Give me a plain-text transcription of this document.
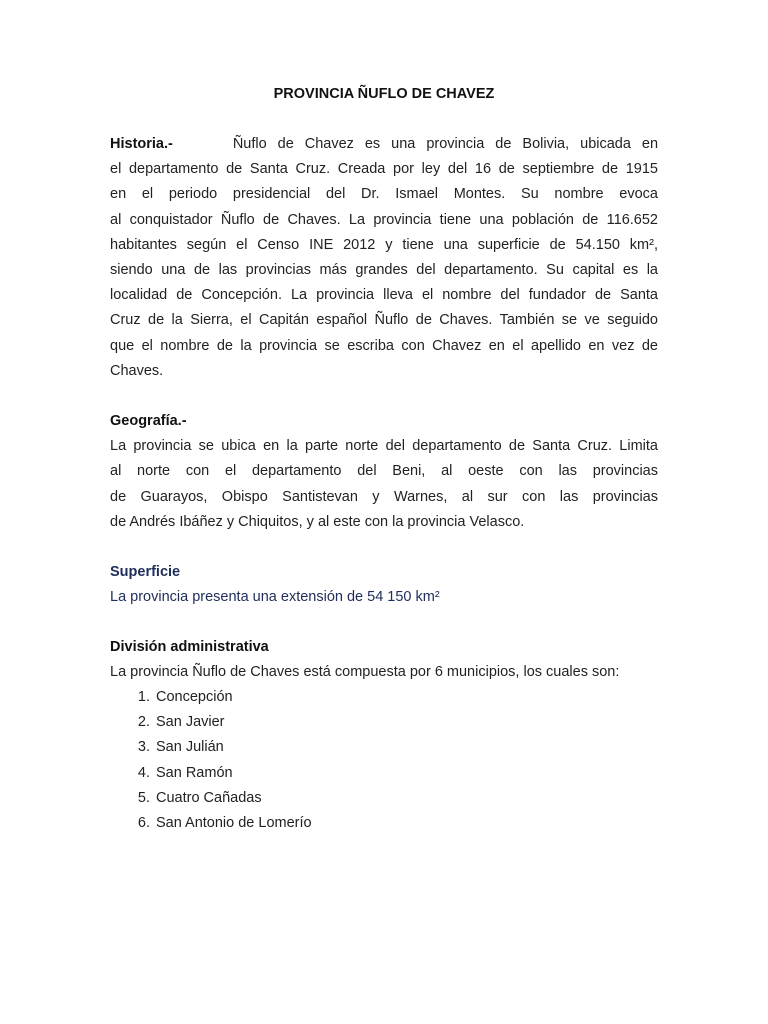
PROVINCIA ÑUFLO DE CHAVEZ
Historia.-	Ñuflo de Chavez es una provincia de Bolivia, ubicada en
el departamento de Santa Cruz. Creada por ley del 16 de septiembre de 1915
en el periodo presidencial del Dr. Ismael Montes. Su nombre evoca
al conquistador Ñuflo de Chaves. La provincia tiene una población de 116.652
habitantes según el Censo INE 2012 y tiene una superficie de 54.150 km²,
siendo una de las provincias más grandes del departamento. Su capital es la
localidad de Concepción. La provincia lleva el nombre del fundador de Santa
Cruz de la Sierra, el Capitán español Ñuflo de Chaves. También se ve seguido
que el nombre de la provincia se escriba con Chavez en el apellido en vez de
Chaves.
Geografía.-
La provincia se ubica en la parte norte del departamento de Santa Cruz. Limita
al norte con el departamento del Beni, al oeste con las provincias
de Guarayos, Obispo Santistevan y Warnes, al sur con las provincias
de Andrés Ibáñez y Chiquitos, y al este con la provincia Velasco.
Superficie
La provincia presenta una extensión de 54 150 km²
División administrativa
La provincia Ñuflo de Chaves está compuesta por 6 municipios, los cuales son:
1. Concepción
2. San Javier
3. San Julián
4. San Ramón
5. Cuatro Cañadas
6. San Antonio de Lomerío
